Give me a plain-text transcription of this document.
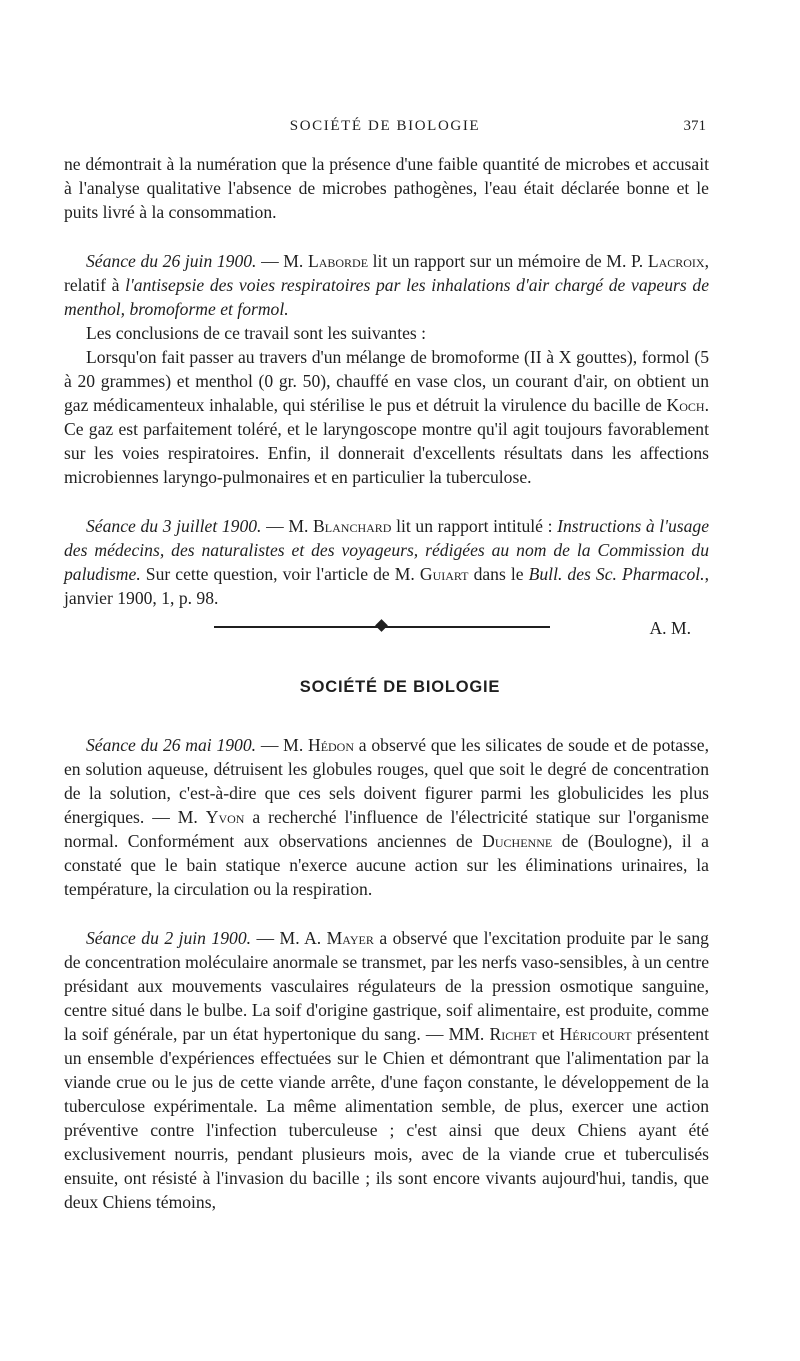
SOCIÉTÉ DE BIOLOGIE	371

ne démontrait à la numération que la présence d'une faible quantité de microbes et accusait à l'analyse qualitative l'absence de microbes pathogènes, l'eau était déclarée bonne et le puits livré à la consommation.

Séance du 26 juin 1900. — M. Laborde lit un rapport sur un mémoire de M. P. Lacroix, relatif à l'antisepsie des voies respiratoires par les inhalations d'air chargé de vapeurs de menthol, bromoforme et formol.

Les conclusions de ce travail sont les suivantes :

Lorsqu'on fait passer au travers d'un mélange de bromoforme (II à X gouttes), formol (5 à 20 grammes) et menthol (0 gr. 50), chauffé en vase clos, un courant d'air, on obtient un gaz médicamenteux inhalable, qui stérilise le pus et détruit la virulence du bacille de Koch. Ce gaz est parfaitement toléré, et le laryngoscope montre qu'il agit toujours favorablement sur les voies respiratoires. Enfin, il donnerait d'excellents résultats dans les affections microbiennes laryngo-pulmonaires et en particulier la tuberculose.

Séance du 3 juillet 1900. — M. Blanchard lit un rapport intitulé : Instructions à l'usage des médecins, des naturalistes et des voyageurs, rédigées au nom de la Commission du paludisme. Sur cette question, voir l'article de M. Guiart dans le Bull. des Sc. Pharmacol., janvier 1900, 1, p. 98.

A. M.

SOCIÉTÉ DE BIOLOGIE

Séance du 26 mai 1900. — M. Hédon a observé que les silicates de soude et de potasse, en solution aqueuse, détruisent les globules rouges, quel que soit le degré de concentration de la solution, c'est-à-dire que ces sels doivent figurer parmi les globulicides les plus énergiques. — M. Yvon a recherché l'influence de l'électricité statique sur l'organisme normal. Conformément aux observations anciennes de Duchenne de (Boulogne), il a constaté que le bain statique n'exerce aucune action sur les éliminations urinaires, la température, la circulation ou la respiration.

Séance du 2 juin 1900. — M. A. Mayer a observé que l'excitation produite par le sang de concentration moléculaire anormale se transmet, par les nerfs vaso-sensibles, à un centre présidant aux mouvements vasculaires régulateurs de la pression osmotique sanguine, centre situé dans le bulbe. La soif d'origine gastrique, soif alimentaire, est produite, comme la soif générale, par un état hypertonique du sang. — MM. Richet et Héricourt présentent un ensemble d'expériences effectuées sur le Chien et démontrant que l'alimentation par la viande crue ou le jus de cette viande arrête, d'une façon constante, le développement de la tuberculose expérimentale. La même alimentation semble, de plus, exercer une action préventive contre l'infection tuberculeuse ; c'est ainsi que deux Chiens ayant été exclusivement nourris, pendant plusieurs mois, avec de la viande crue et tuberculisés ensuite, ont résisté à l'invasion du bacille ; ils sont encore vivants aujourd'hui, tandis, que deux Chiens témoins,
